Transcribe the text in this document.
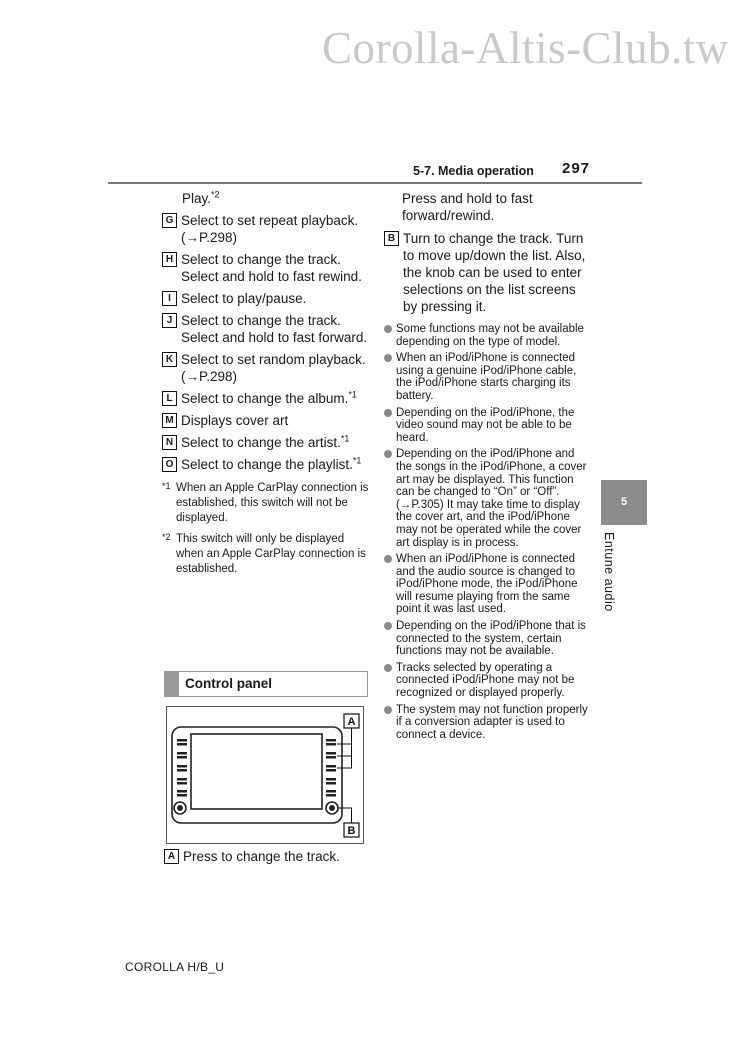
Corolla-Altis-Club.tw
5-7. Media operation 297
Play.$^{*2}$
G Select to set repeat playback. (→P.298)
H Select to change the track. Select and hold to fast rewind.
I Select to play/pause.
J Select to change the track. Select and hold to fast forward.
K Select to set random playback. (→P.298)
L Select to change the album.$^{*1}$
M Displays cover art
N Select to change the artist.$^{*1}$
O Select to change the playlist.$^{*1}$
*1 When an Apple CarPlay connection is established, this switch will not be displayed.
*2 This switch will only be displayed when an Apple CarPlay connection is established.
Control panel
A
B
A Press to change the track.
Press and hold to fast forward/rewind.
B Turn to change the track. Turn to move up/down the list. Also, the knob can be used to enter selections on the list screens by pressing it.
Some functions may not be available depending on the type of model.
When an iPod/iPhone is connected using a genuine iPod/iPhone cable, the iPod/iPhone starts charging its battery.
Depending on the iPod/iPhone, the video sound may not be able to be heard.
Depending on the iPod/iPhone and the songs in the iPod/iPhone, a cover art may be displayed. This function can be changed to “On” or “Off”. (→P.305) It may take time to display the cover art, and the iPod/iPhone may not be operated while the cover art display is in process.
When an iPod/iPhone is connected and the audio source is changed to iPod/iPhone mode, the iPod/iPhone will resume playing from the same point it was last used.
Depending on the iPod/iPhone that is connected to the system, certain functions may not be available.
Tracks selected by operating a connected iPod/iPhone may not be recognized or displayed properly.
The system may not function properly if a conversion adapter is used to connect a device.
5
Entune audio
COROLLA H/B_U
